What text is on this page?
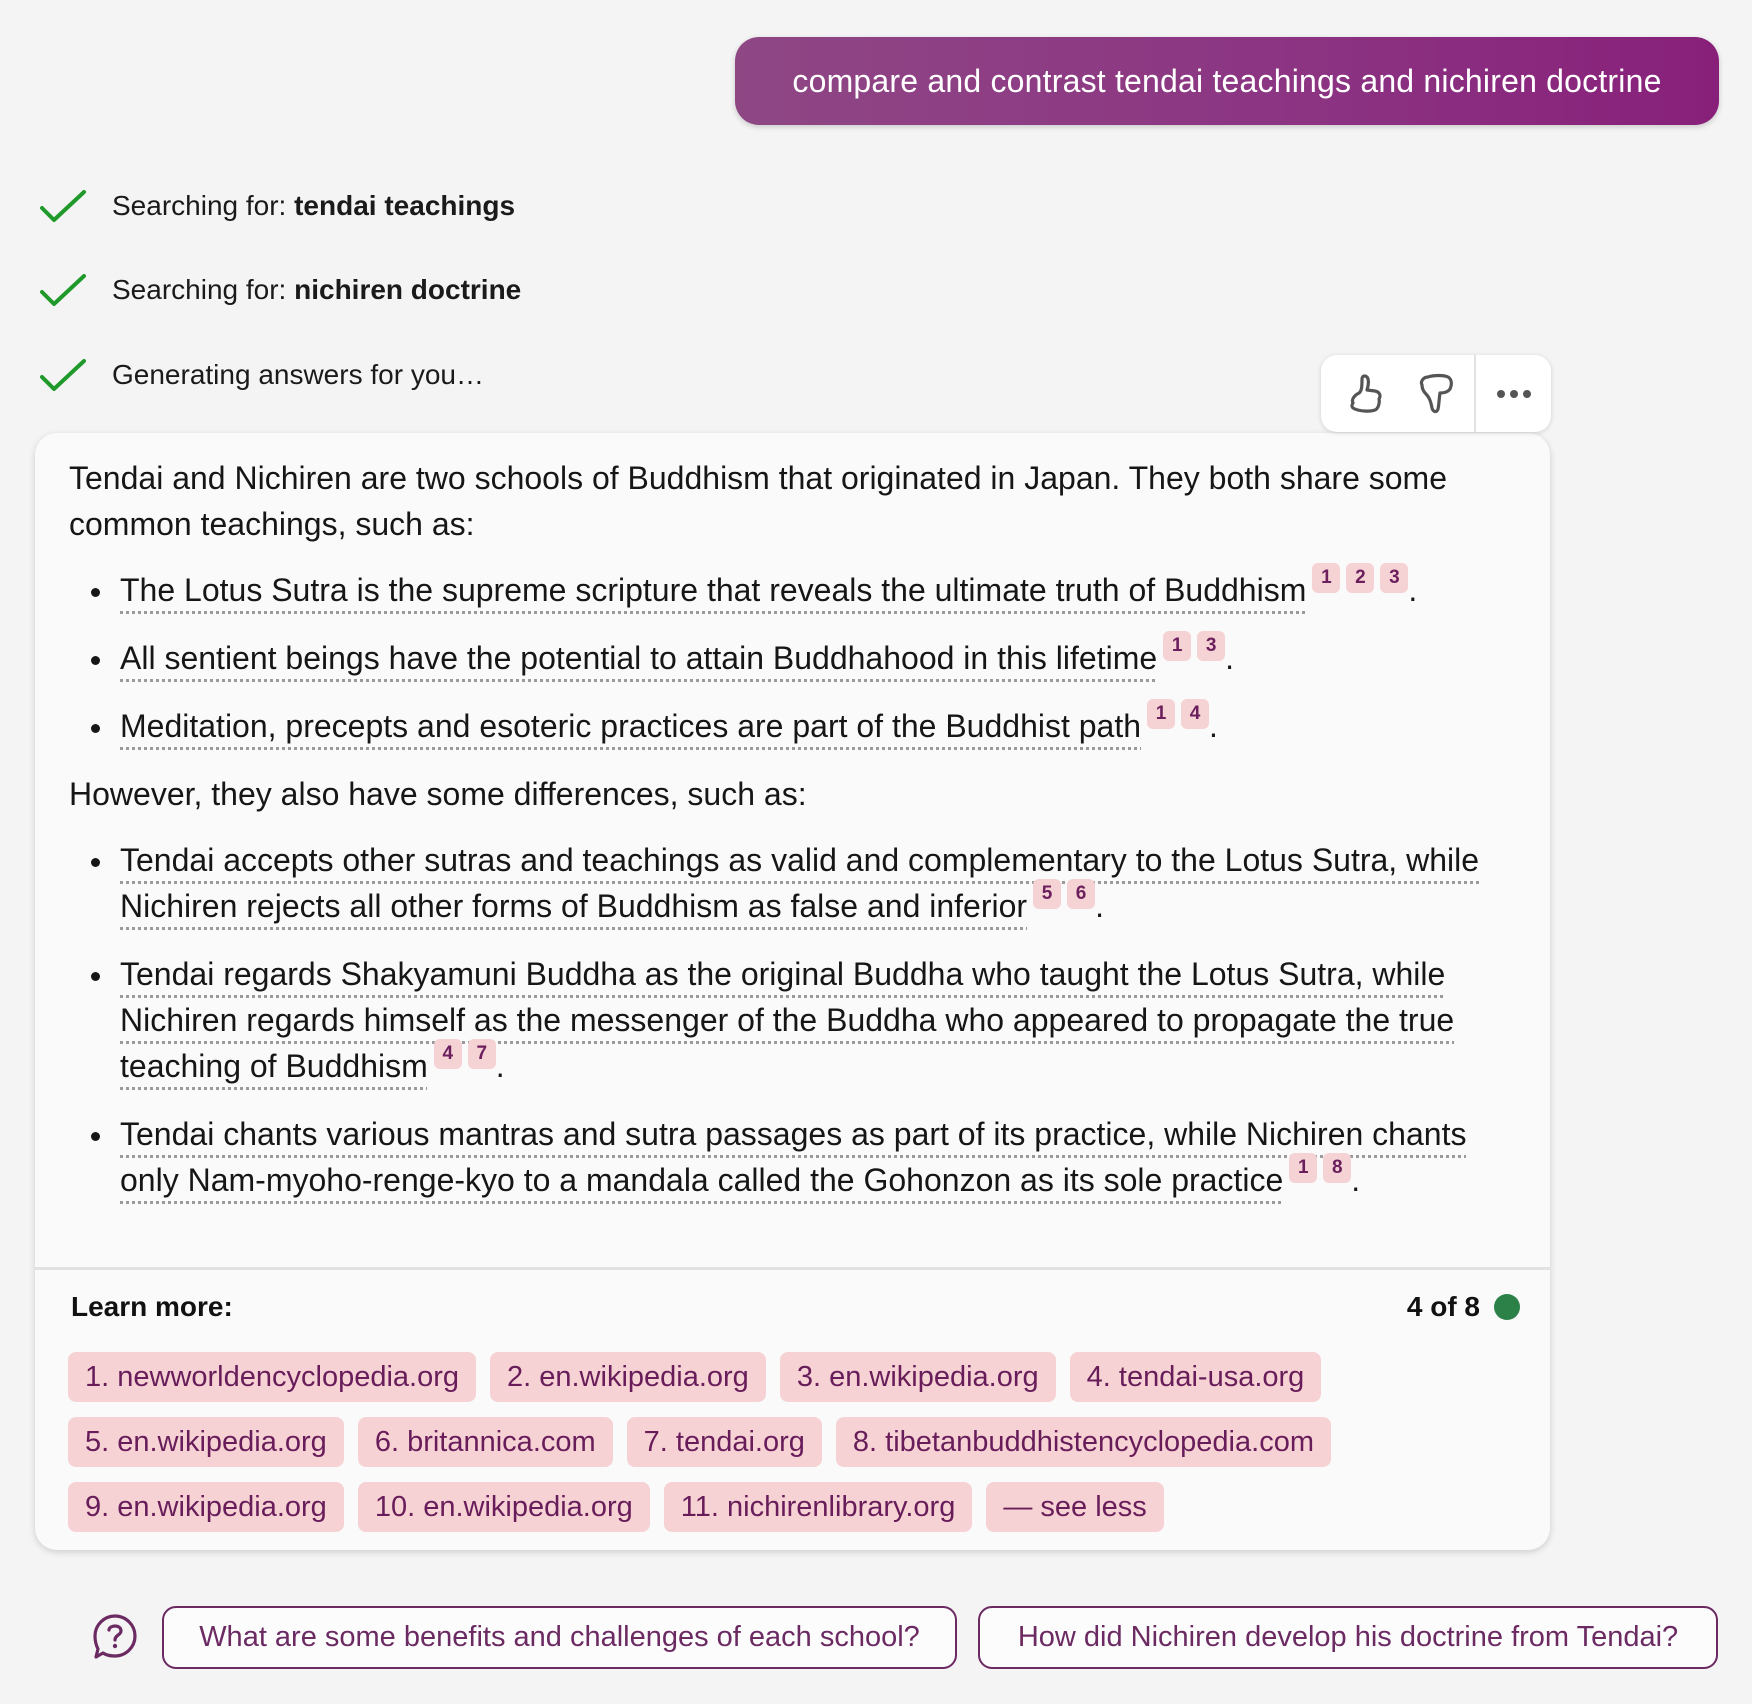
compare and contrast tendai teachings and nichiren doctrine
Searching for: tendai teachings
Searching for: nichiren doctrine
Generating answers for you…

Tendai and Nichiren are two schools of Buddhism that originated in Japan. They both share some common teachings, such as:

The Lotus Sutra is the supreme scripture that reveals the ultimate truth of Buddhism 1 2 3 .
All sentient beings have the potential to attain Buddhahood in this lifetime 1 3 .
Meditation, precepts and esoteric practices are part of the Buddhist path 1 4 .

However, they also have some differences, such as:

Tendai accepts other sutras and teachings as valid and complementary to the Lotus Sutra, while Nichiren rejects all other forms of Buddhism as false and inferior 5 6 .
Tendai regards Shakyamuni Buddha as the original Buddha who taught the Lotus Sutra, while Nichiren regards himself as the messenger of the Buddha who appeared to propagate the true teaching of Buddhism 4 7 .
Tendai chants various mantras and sutra passages as part of its practice, while Nichiren chants only Nam-myoho-renge-kyo to a mandala called the Gohonzon as its sole practice 1 8 .
Learn more:	4 of 8
1. newworldencyclopedia.org	2. en.wikipedia.org	3. en.wikipedia.org	4. tendai-usa.org
5. en.wikipedia.org	6. britannica.com	7. tendai.org	8. tibetanbuddhistencyclopedia.com
9. en.wikipedia.org	10. en.wikipedia.org	11. nichirenlibrary.org	— see less
What are some benefits and challenges of each school?	How did Nichiren develop his doctrine from Tendai?
